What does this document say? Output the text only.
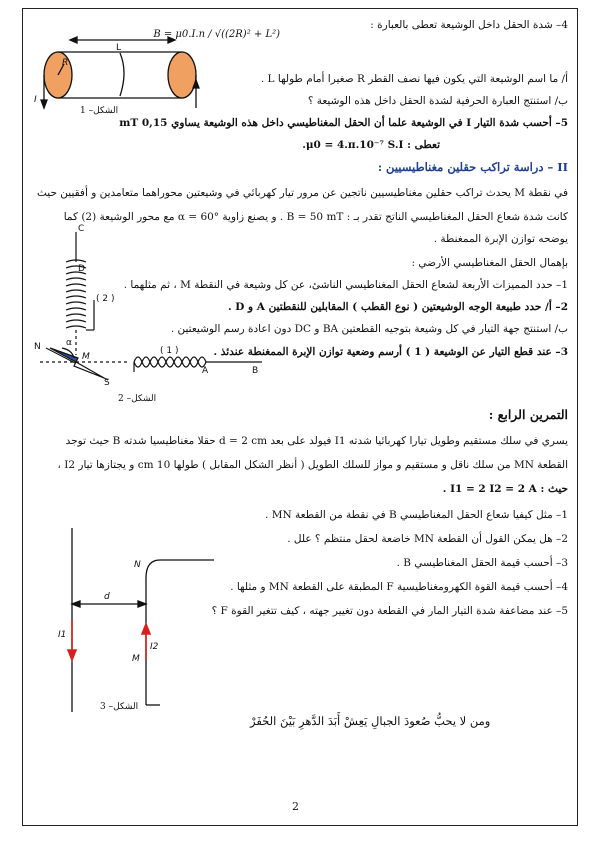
L
R
I
الشكل– 1
4– شدة الحقل داخل الوشيعة تعطى بالعبارة :
B = μ0.I.n / √((2R)² + L²)
أ/ ما اسم الوشيعة التي يكون فيها نصف القطر R صغيرا أمام طولها L .
ب/ استنتج العبارة الحرفية لشدة الحقل داخل هذه الوشيعة ؟
5– أحسب شدة التيار I في الوشيعة علما أن الحقل المغناطيسي داخل هذه الوشيعة يساوي 0,15 mT
تعطى : μ0 = 4.π.10⁻⁷ S.I.
II – دراسة تراكب حقلين مغناطيسيين :
في نقطة M يحدث تراكب حقلين مغناطيسيين ناتجين عن مرور تيار كهربائي في وشيعتين محوراهما متعامدين و أفقيين حيث
كانت شدة شعاع الحقل المغناطيسي الناتج تقدر بـ : B = 50 mT . و يصنع زاوية α = 60° مع محور الوشيعة (2) كما
يوضحه توازن الإبرة الممغنطة .
بإهمال الحقل المغناطيسي الأرضي :
1– حدد المميزات الأربعة لشعاع الحقل المغناطيسي الناشئ، عن كل وشيعة في النقطة M ، ثم مثلهما .
2– أ/ حدد طبيعة الوجه الوشيعتين ( نوع القطب ) المقابلين للنقطتين A و D .
ب/ استنتج جهة التيار في كل وشيعة بتوجيه القطعتين BA و DC دون اعادة رسم الوشيعتين .
3– عند قطع التيار عن الوشيعة ( 1 ) أرسم وضعية توازن الإبرة الممغنطة عندئذ .
C
D
( 2 )
( 1 )
A	B
N
S
M
α
الشكل– 2
التمرين الرابع :
يسري في سلك مستقيم وطويل تيارا كهربائيا شدته I1 فيولد على بعد d = 2 cm حقلا مغناطيسيا شدته B حيث توجد
القطعة MN من سلك ناقل و مستقيم و مواز للسلك الطويل ( أنظر الشكل المقابل ) طولها 10 cm و يجتازها تيار I2 ،
حيث : I1 = 2 I2 = 2 A .
1– مثل كيفيا شعاع الحقل المغناطيسي B في نقطة من القطعة MN .
2– هل يمكن القول أن القطعة MN خاضعة لحقل منتظم ؟ علل .
3– أحسب قيمة الحقل المغناطيسي B .
4– أحسب قيمة القوة الكهرومغناطيسية F المطبقة على القطعة MN و مثلها .
5– عند مضاعفة شدة التيار المار في القطعة دون تغيير جهته ، كيف تتغير القوة F ؟
N
M
d
I1
I2
الشكل– 3
ومن لا يحبُّ صُعودَ الجبالِ يَعِشْ أَبَدَ الدَّهرِ بَيْنَ الحُفَرْ
2
